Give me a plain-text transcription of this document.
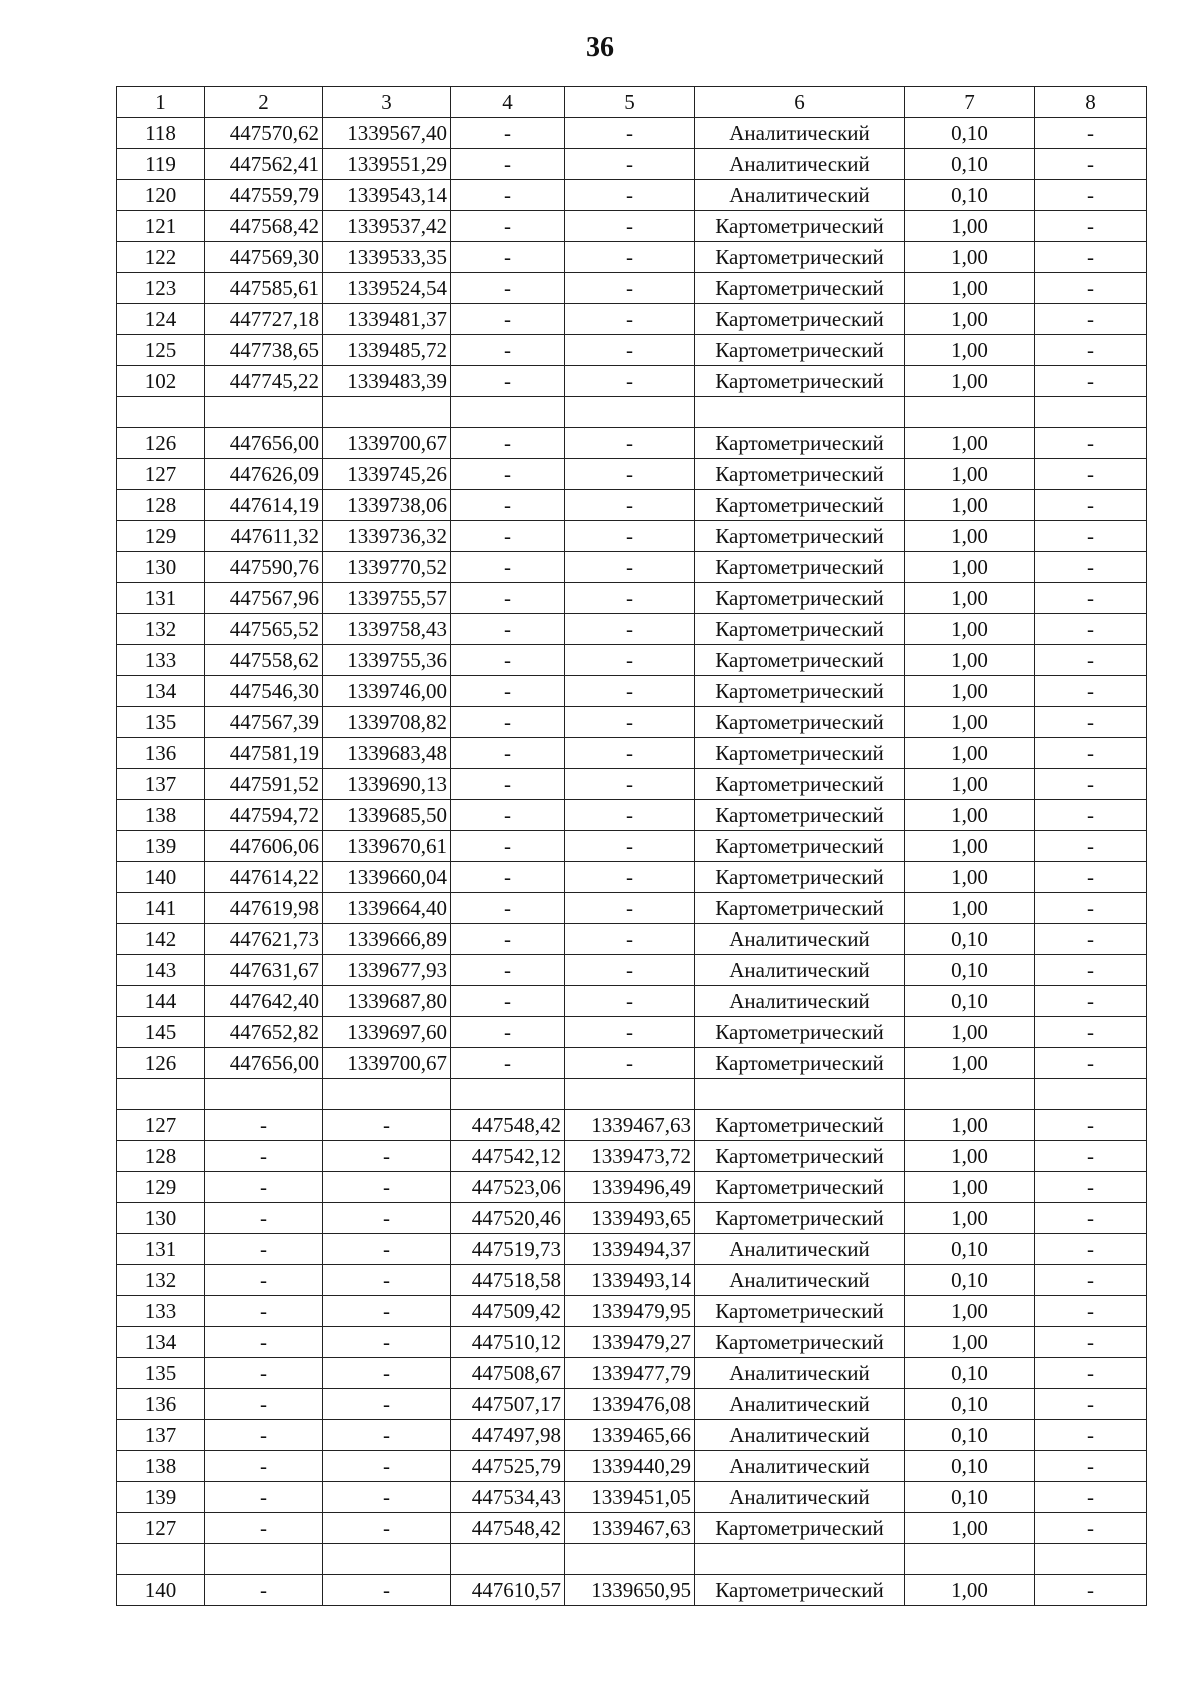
36
1	2	3	4	5	6	7	8
118	447570,62	1339567,40	-	-	Аналитический	0,10	-
119	447562,41	1339551,29	-	-	Аналитический	0,10	-
120	447559,79	1339543,14	-	-	Аналитический	0,10	-
121	447568,42	1339537,42	-	-	Картометрический	1,00	-
122	447569,30	1339533,35	-	-	Картометрический	1,00	-
123	447585,61	1339524,54	-	-	Картометрический	1,00	-
124	447727,18	1339481,37	-	-	Картометрический	1,00	-
125	447738,65	1339485,72	-	-	Картометрический	1,00	-
102	447745,22	1339483,39	-	-	Картометрический	1,00	-

126	447656,00	1339700,67	-	-	Картометрический	1,00	-
127	447626,09	1339745,26	-	-	Картометрический	1,00	-
128	447614,19	1339738,06	-	-	Картометрический	1,00	-
129	447611,32	1339736,32	-	-	Картометрический	1,00	-
130	447590,76	1339770,52	-	-	Картометрический	1,00	-
131	447567,96	1339755,57	-	-	Картометрический	1,00	-
132	447565,52	1339758,43	-	-	Картометрический	1,00	-
133	447558,62	1339755,36	-	-	Картометрический	1,00	-
134	447546,30	1339746,00	-	-	Картометрический	1,00	-
135	447567,39	1339708,82	-	-	Картометрический	1,00	-
136	447581,19	1339683,48	-	-	Картометрический	1,00	-
137	447591,52	1339690,13	-	-	Картометрический	1,00	-
138	447594,72	1339685,50	-	-	Картометрический	1,00	-
139	447606,06	1339670,61	-	-	Картометрический	1,00	-
140	447614,22	1339660,04	-	-	Картометрический	1,00	-
141	447619,98	1339664,40	-	-	Картометрический	1,00	-
142	447621,73	1339666,89	-	-	Аналитический	0,10	-
143	447631,67	1339677,93	-	-	Аналитический	0,10	-
144	447642,40	1339687,80	-	-	Аналитический	0,10	-
145	447652,82	1339697,60	-	-	Картометрический	1,00	-
126	447656,00	1339700,67	-	-	Картометрический	1,00	-

127	-	-	447548,42	1339467,63	Картометрический	1,00	-
128	-	-	447542,12	1339473,72	Картометрический	1,00	-
129	-	-	447523,06	1339496,49	Картометрический	1,00	-
130	-	-	447520,46	1339493,65	Картометрический	1,00	-
131	-	-	447519,73	1339494,37	Аналитический	0,10	-
132	-	-	447518,58	1339493,14	Аналитический	0,10	-
133	-	-	447509,42	1339479,95	Картометрический	1,00	-
134	-	-	447510,12	1339479,27	Картометрический	1,00	-
135	-	-	447508,67	1339477,79	Аналитический	0,10	-
136	-	-	447507,17	1339476,08	Аналитический	0,10	-
137	-	-	447497,98	1339465,66	Аналитический	0,10	-
138	-	-	447525,79	1339440,29	Аналитический	0,10	-
139	-	-	447534,43	1339451,05	Аналитический	0,10	-
127	-	-	447548,42	1339467,63	Картометрический	1,00	-

140	-	-	447610,57	1339650,95	Картометрический	1,00	-
